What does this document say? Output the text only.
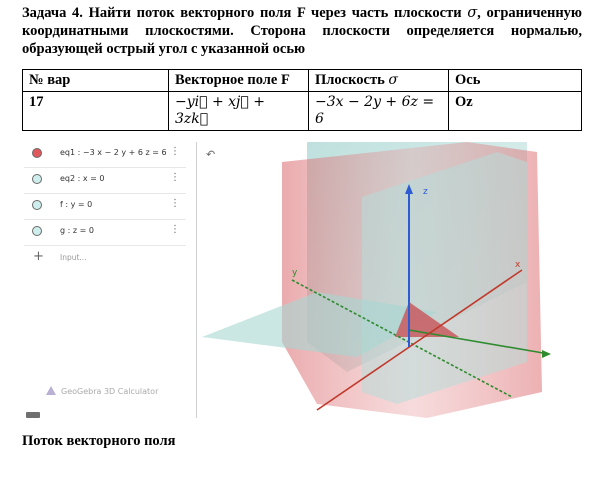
Задача 4. Найти поток векторного поля F через часть плоскости σ, ограниченную координатными плоскостями. Сторона плоскости определяется нормалью, образующей острый угол с указанной осью
№ вар	Векторное поле F	Плоскость σ	Ось
17	−yi⃗ + xj⃗ + 3zk⃗	−3x − 2y + 6z = 6	Oz
eq1 : −3 x − 2 y + 6 z = 6 ⋮
eq2 : x = 0	⋮
f : y = 0	⋮
g : z = 0	⋮
+ Input...
GeoGebra 3D Calculator
z
x
y
↶
Поток векторного поля
